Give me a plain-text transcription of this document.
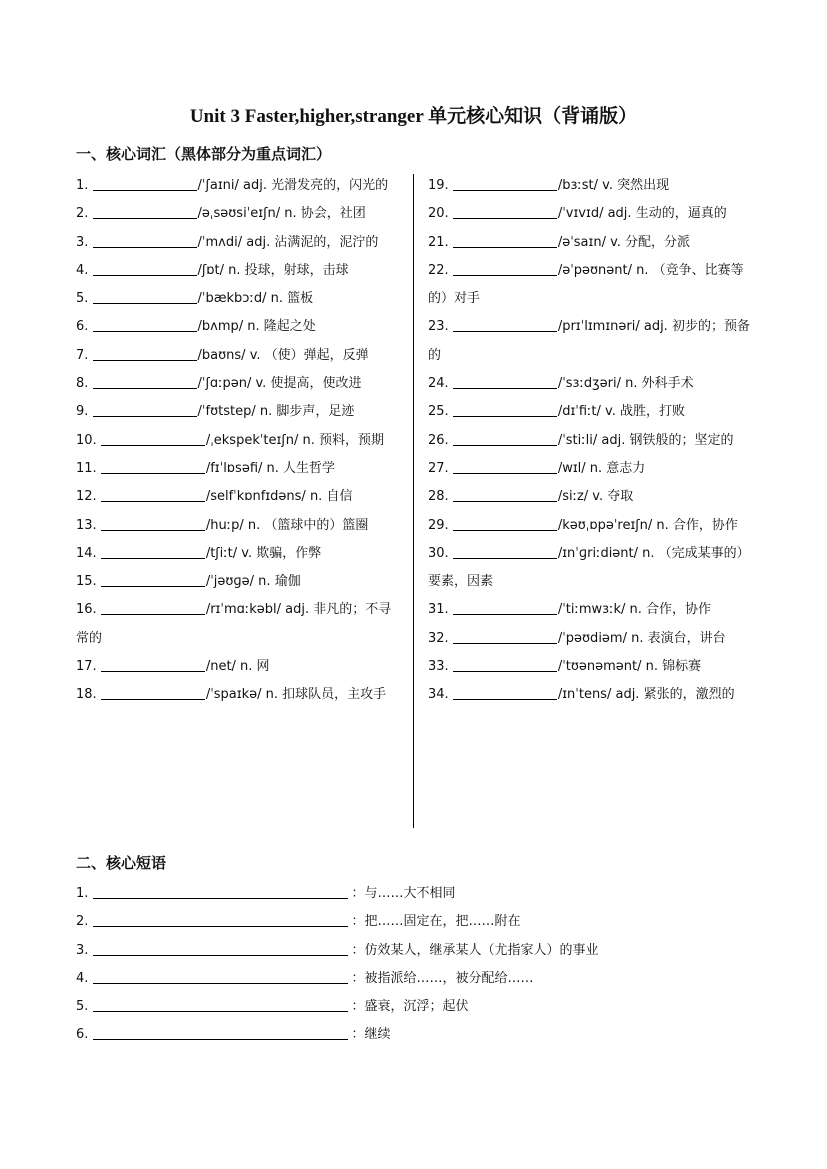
Unit 3 Faster,higher,stranger 单元核心知识（背诵版）
一、核心词汇（黑体部分为重点词汇）

1.	/ˈʃaɪni/ adj. 光滑发亮的，闪光的

2.	/əˌsəʊsiˈeɪʃn/ n. 协会，社团

3.	/ˈmʌdi/ adj. 沾满泥的，泥泞的

4.	/ʃɒt/ n. 投球，射球，击球

5.	/ˈbækbɔːd/ n. 篮板

6.	/bʌmp/ n. 隆起之处

7.	/baʊns/ v. （使）弹起，反弹

8.	/ˈʃɑːpən/ v. 使提高，使改进

9.	/ˈfʊtstep/ n. 脚步声，足迹

10.	/ˌekspekˈteɪʃn/ n. 预料，预期

11.	/fɪˈlɒsəfi/ n. 人生哲学

12.	/selfˈkɒnfɪdəns/ n. 自信

13.	/huːp/ n. （篮球中的）篮圈

14.	/tʃiːt/ v. 欺骗，作弊

15.	/ˈjəʊɡə/ n. 瑜伽

16.	/rɪˈmɑːkəbl/ adj. 非凡的；不寻常的

17.	/net/ n. 网

18.	/ˈspaɪkə/ n. 扣球队员，主攻手

19.	/bɜːst/ v. 突然出现

20.	/ˈvɪvɪd/ adj. 生动的，逼真的

21.	/əˈsaɪn/ v. 分配，分派

22.	/əˈpəʊnənt/ n. （竞争、比赛等的）对手

23.	/prɪˈlɪmɪnəri/ adj. 初步的；预备的

24.	/ˈsɜːdʒəri/ n. 外科手术

25.	/dɪˈfiːt/ v. 战胜，打败

26.	/ˈstiːli/ adj. 钢铁般的；坚定的

27.	/wɪl/ n. 意志力

28.	/siːz/ v. 夺取

29.	/kəʊˌɒpəˈreɪʃn/ n. 合作，协作

30.	/ɪnˈɡriːdiənt/ n. （完成某事的）要素，因素

31.	/ˈtiːmwɜːk/ n. 合作，协作

32.	/ˈpəʊdiəm/ n. 表演台，讲台

33.	/ˈtʊənəmənt/ n. 锦标赛

34.	/ɪnˈtens/ adj. 紧张的，激烈的

二、核心短语

1.	：与……大不相同

2.	：把……固定在，把……附在

3.	：仿效某人，继承某人（尤指家人）的事业

4.	：被指派给……，被分配给……

5.	：盛衰，沉浮；起伏

6.	：继续
